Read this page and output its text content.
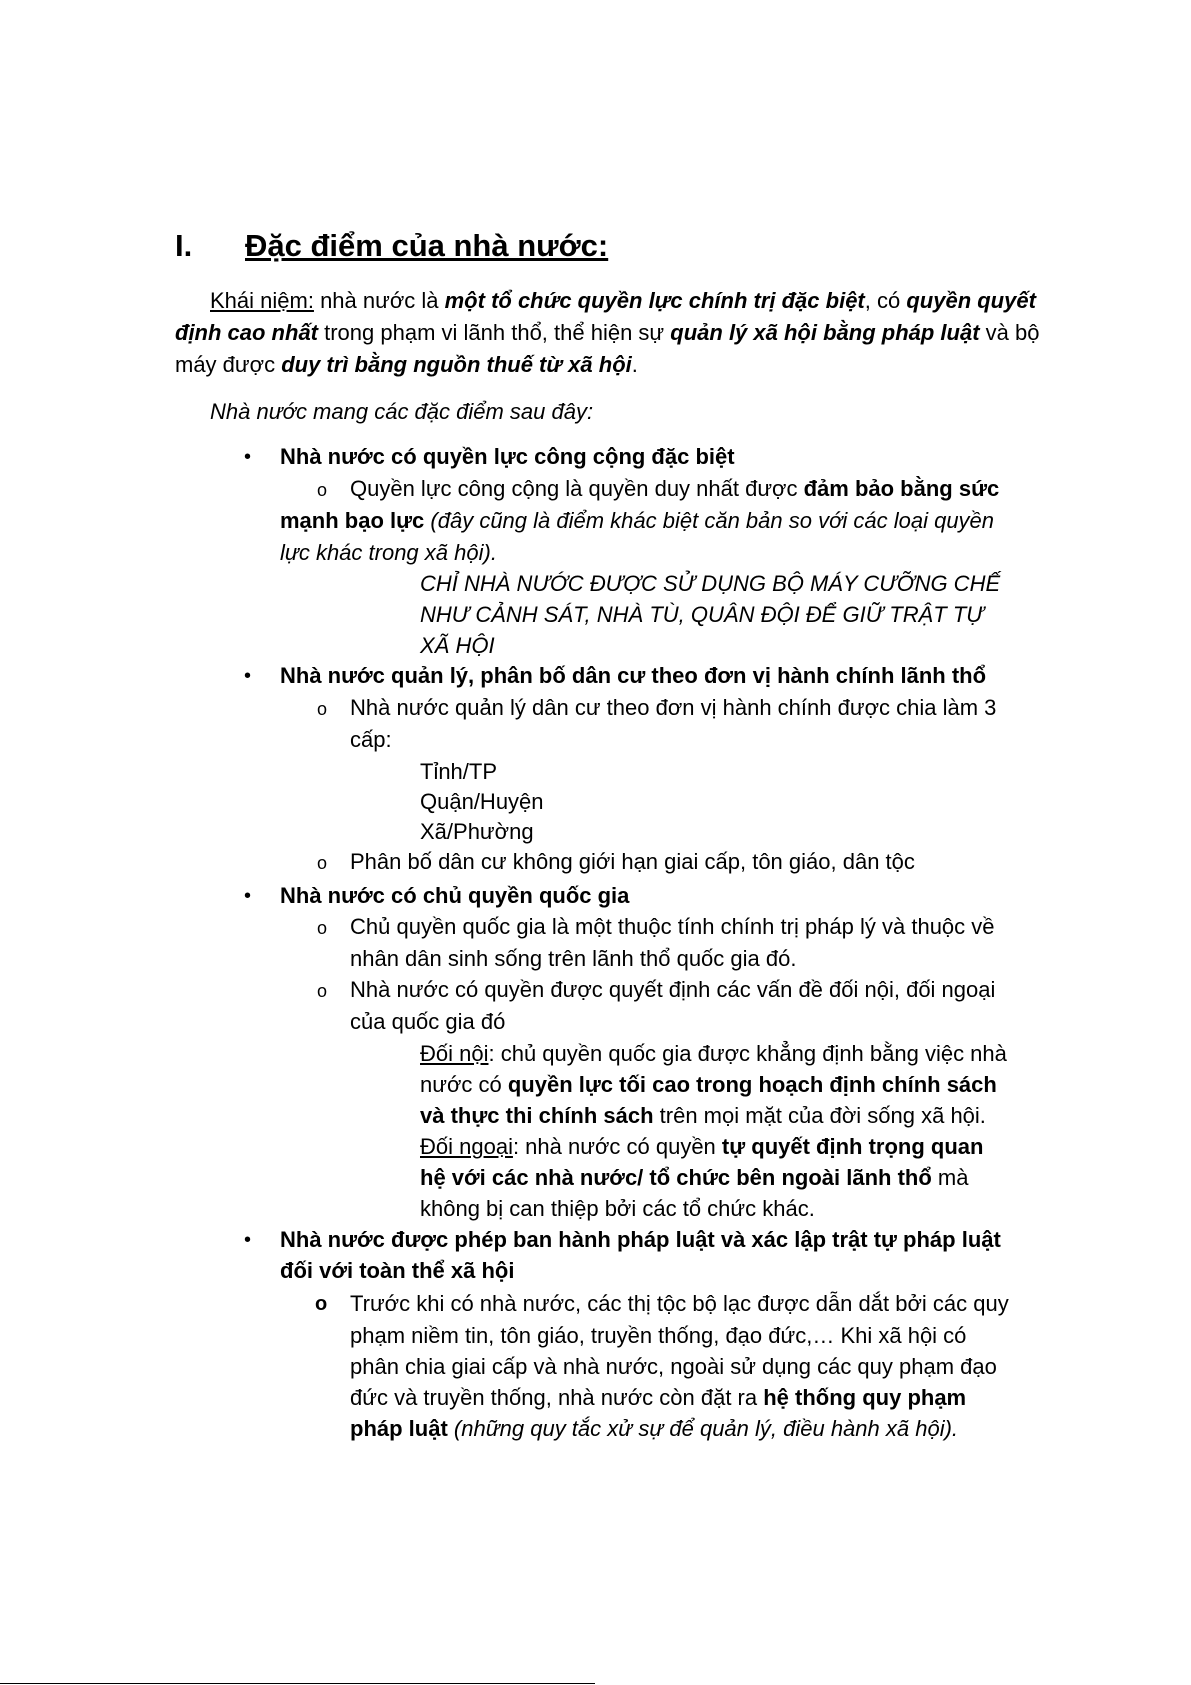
I. Đặc điểm của nhà nước:
Khái niệm: nhà nước là một tổ chức quyền lực chính trị đặc biệt, có quyền quyết định cao nhất trong phạm vi lãnh thổ, thể hiện sự quản lý xã hội bằng pháp luật và bộ máy được duy trì bằng nguồn thuế từ xã hội.
Nhà nước mang các đặc điểm sau đây:
• Nhà nước có quyền lực công cộng đặc biệt
o Quyền lực công cộng là quyền duy nhất được đảm bảo bằng sức
mạnh bạo lực (đây cũng là điểm khác biệt căn bản so với các loại quyền
lực khác trong xã hội).
CHỈ NHÀ NƯỚC ĐƯỢC SỬ DỤNG BỘ MÁY CƯỠNG CHẾ
NHƯ CẢNH SÁT, NHÀ TÙ, QUÂN ĐỘI ĐỂ GIỮ TRẬT TỰ
XÃ HỘI
• Nhà nước quản lý, phân bố dân cư theo đơn vị hành chính lãnh thổ
o Nhà nước quản lý dân cư theo đơn vị hành chính được chia làm 3
cấp:
Tỉnh/TP
Quận/Huyện
Xã/Phường
o Phân bố dân cư không giới hạn giai cấp, tôn giáo, dân tộc
• Nhà nước có chủ quyền quốc gia
o Chủ quyền quốc gia là một thuộc tính chính trị pháp lý và thuộc về
nhân dân sinh sống trên lãnh thổ quốc gia đó.
o Nhà nước có quyền được quyết định các vấn đề đối nội, đối ngoại
của quốc gia đó
Đối nội: chủ quyền quốc gia được khẳng định bằng việc nhà
nước có quyền lực tối cao trong hoạch định chính sách
và thực thi chính sách trên mọi mặt của đời sống xã hội.
Đối ngoại: nhà nước có quyền tự quyết định trọng quan
hệ với các nhà nước/ tổ chức bên ngoài lãnh thổ mà
không bị can thiệp bởi các tổ chức khác.
• Nhà nước được phép ban hành pháp luật và xác lập trật tự pháp luật
đối với toàn thể xã hội
o Trước khi có nhà nước, các thị tộc bộ lạc được dẫn dắt bởi các quy
phạm niềm tin, tôn giáo, truyền thống, đạo đức,… Khi xã hội có
phân chia giai cấp và nhà nước, ngoài sử dụng các quy phạm đạo
đức và truyền thống, nhà nước còn đặt ra hệ thống quy phạm
pháp luật (những quy tắc xử sự để quản lý, điều hành xã hội).
